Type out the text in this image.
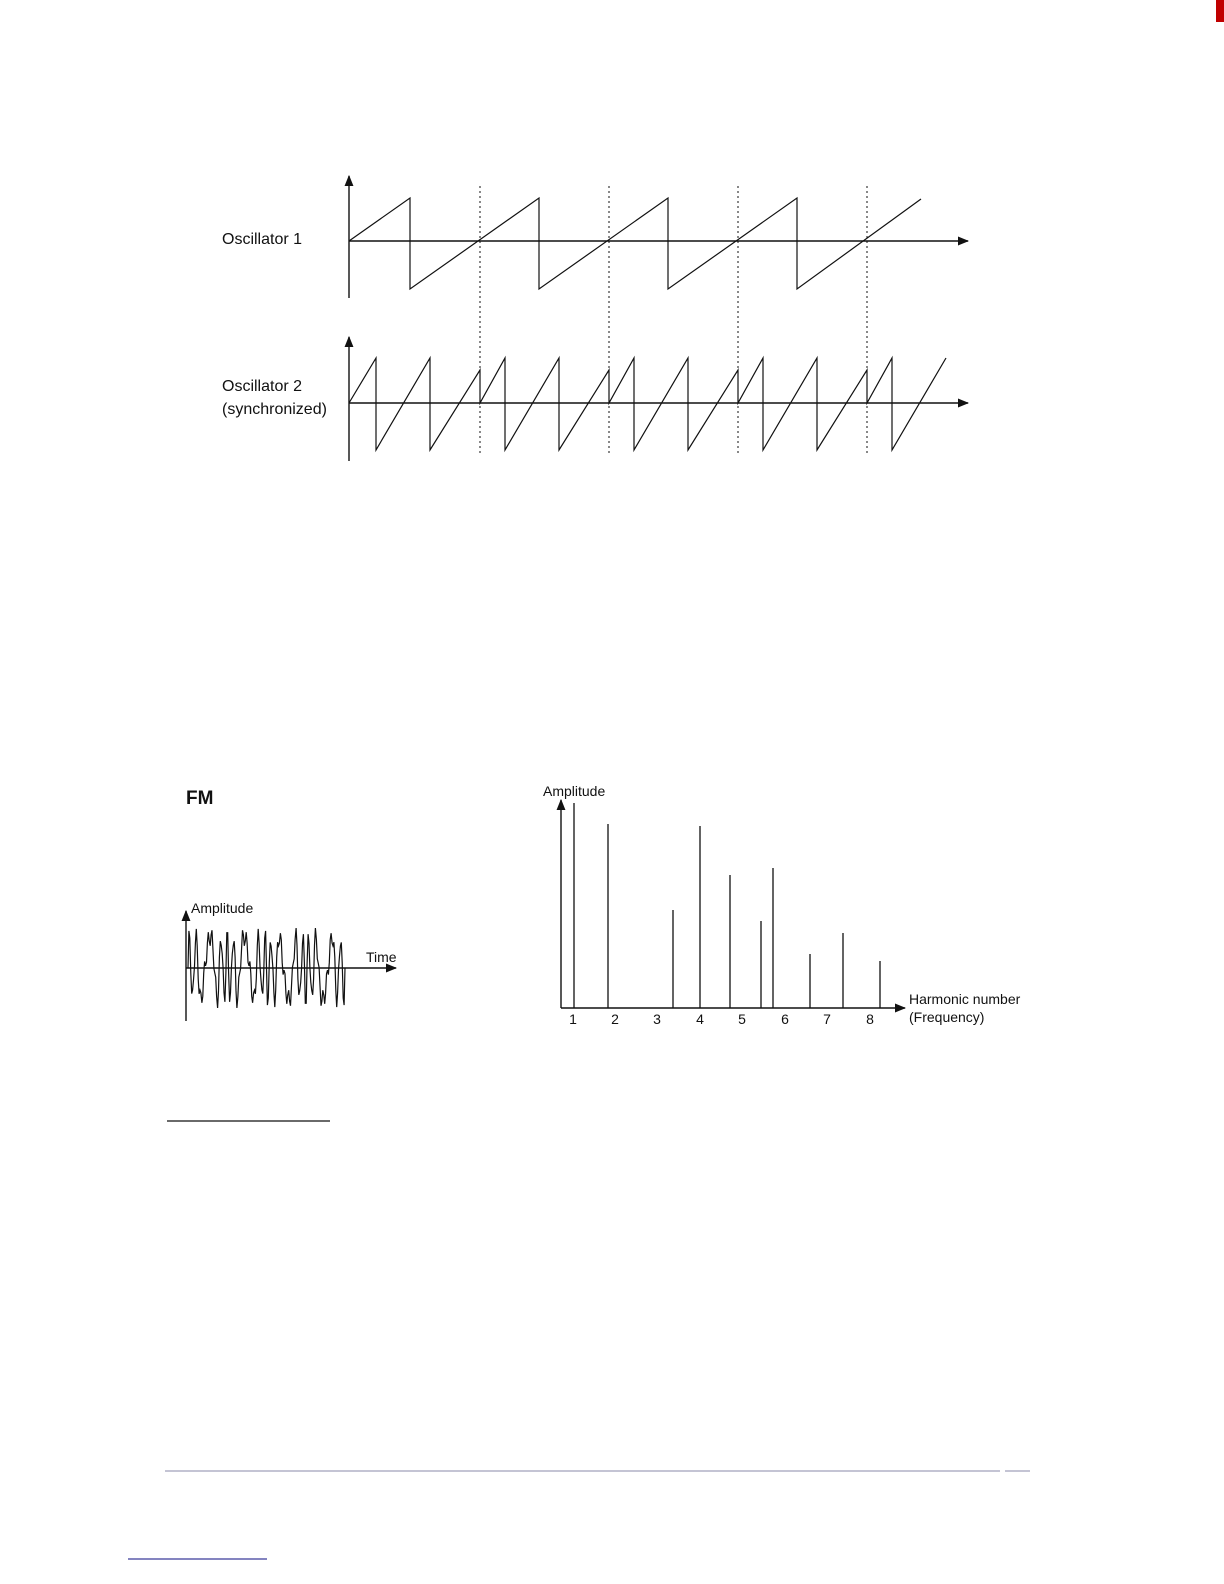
Oscillator 1
Oscillator 2
(synchronized)
FM
Amplitude
Time
Amplitude
Harmonic number
(Frequency)
1 2 3	4 5	6 7	8
